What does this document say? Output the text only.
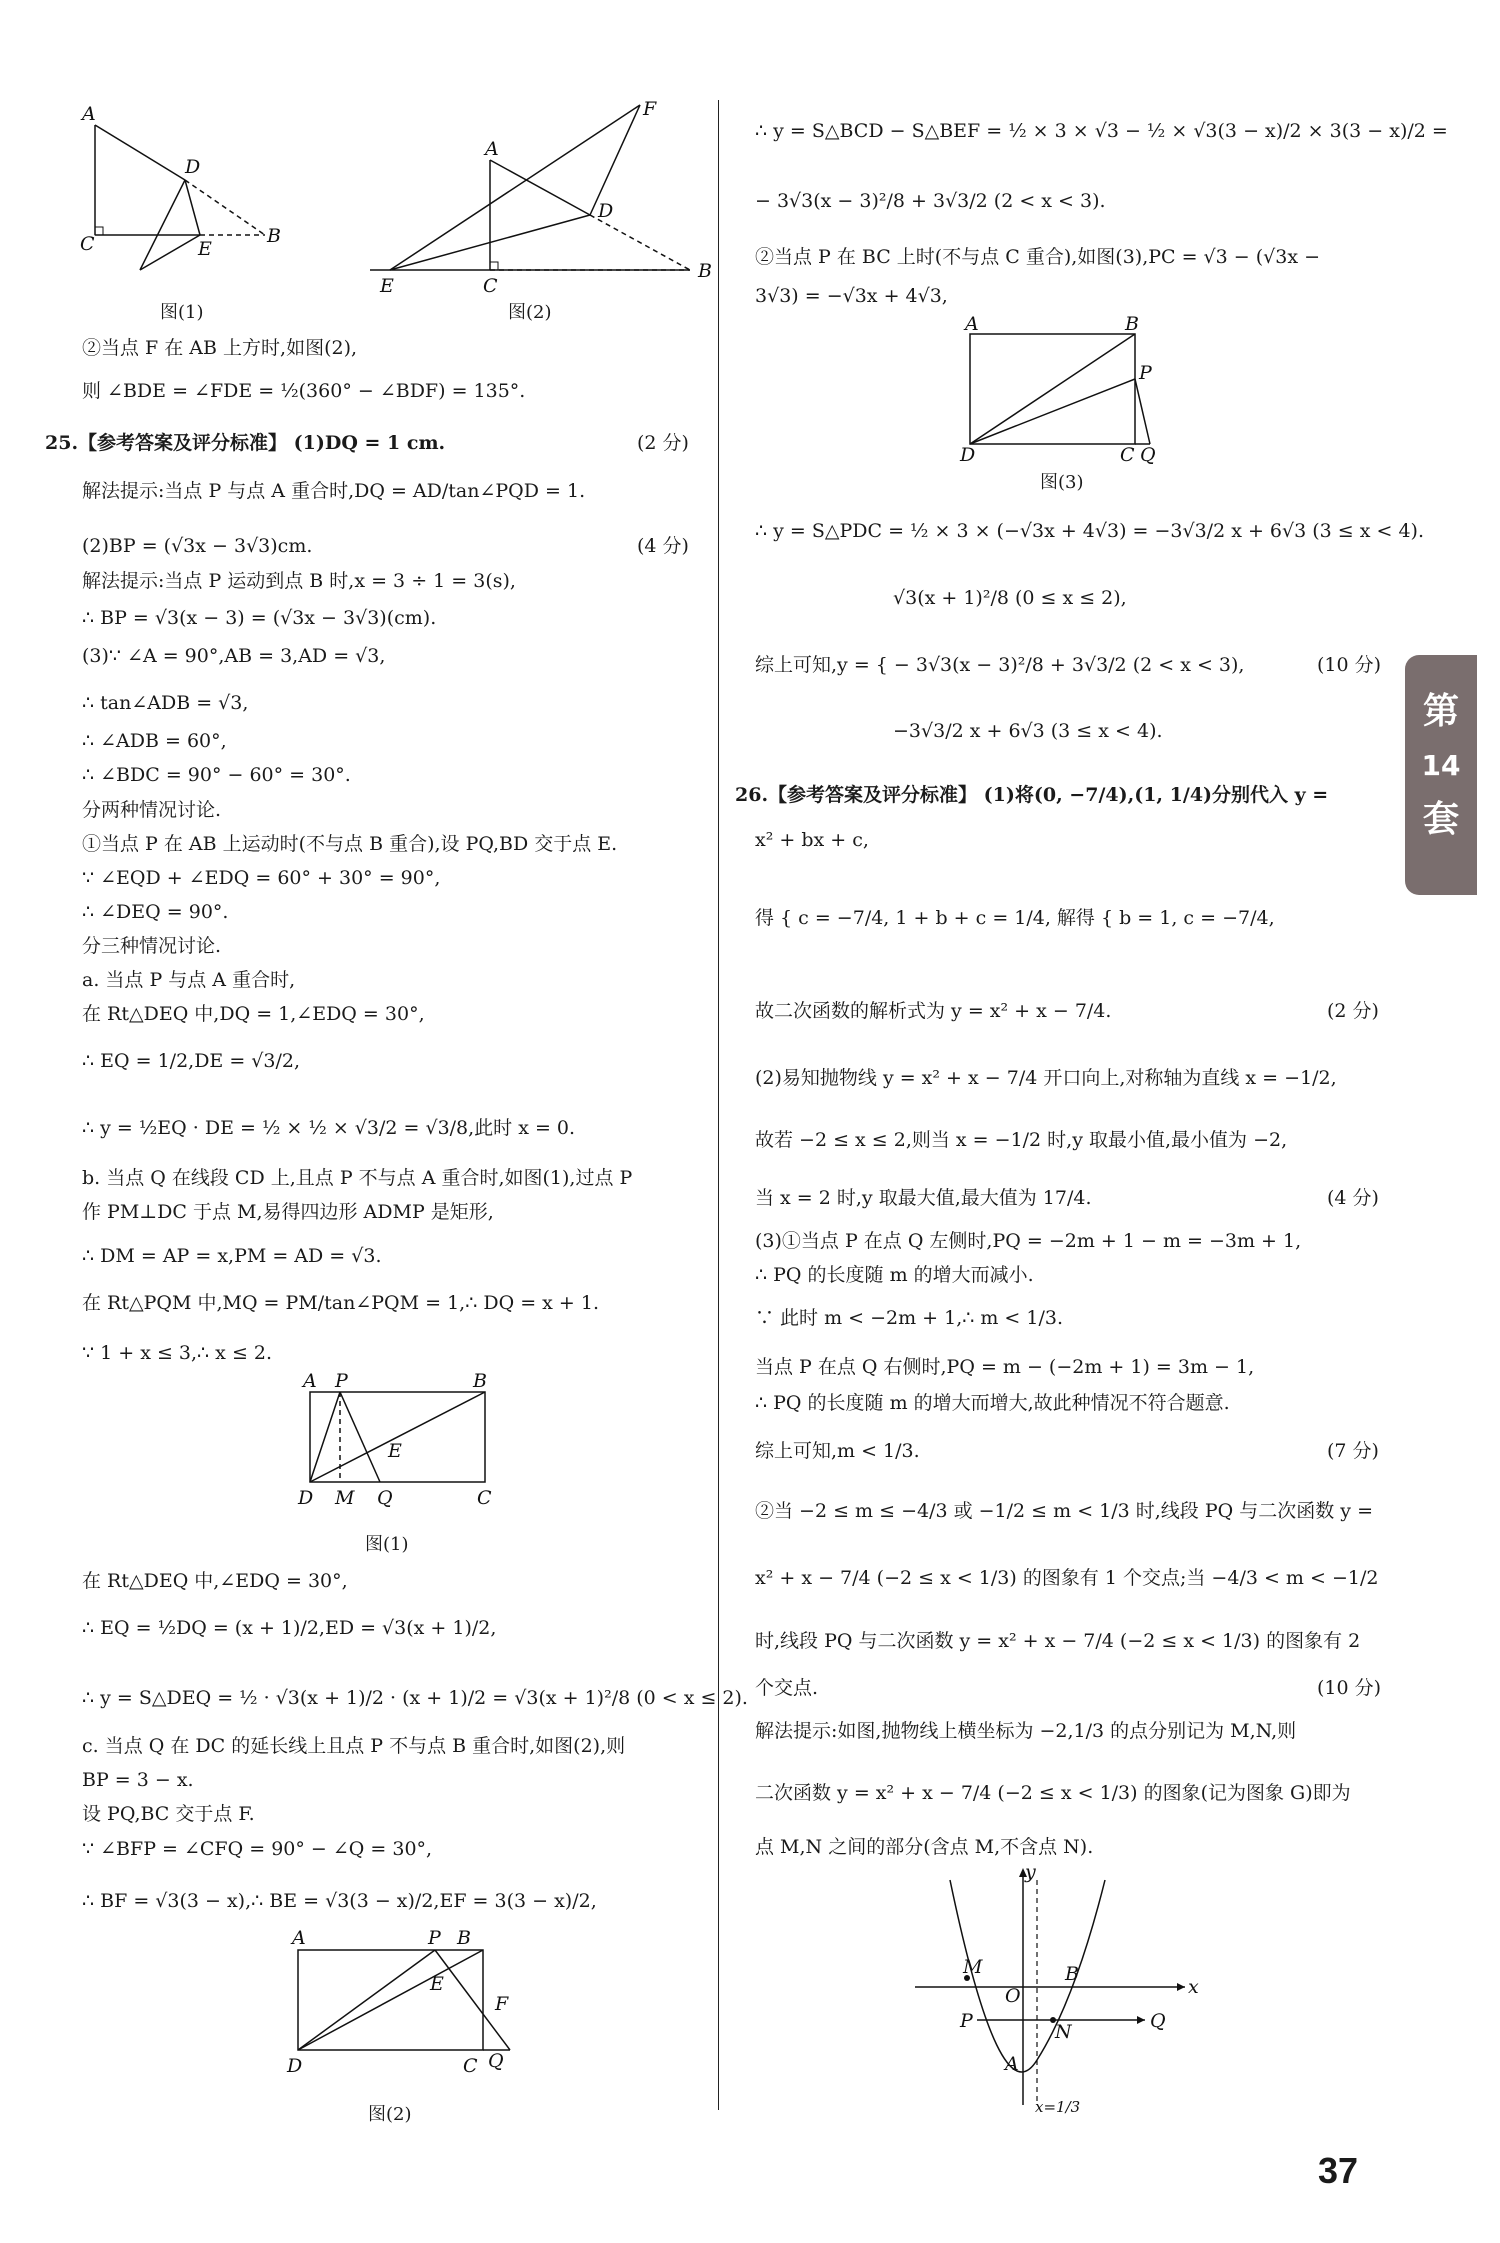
A
D
C	E
B
图(1)
A
F
D
E	C
B
图(2)
②当点 F 在 AB 上方时,如图(2),
则 ∠BDE = ∠FDE = ½(360° − ∠BDF) = 135°.
25.【参考答案及评分标准】 (1)DQ = 1 cm.	(2 分)
解法提示:当点 P 与点 A 重合时,DQ = AD/tan∠PQD = 1.
(2)BP = (√3x − 3√3)cm.	(4 分)
解法提示:当点 P 运动到点 B 时,x = 3 ÷ 1 = 3(s),
∴ BP = √3(x − 3) = (√3x − 3√3)(cm).
(3)∵ ∠A = 90°,AB = 3,AD = √3,
∴ tan∠ADB = √3,
∴ ∠ADB = 60°,
∴ ∠BDC = 90° − 60° = 30°.
分两种情况讨论.
①当点 P 在 AB 上运动时(不与点 B 重合),设 PQ,BD 交于点 E.
∵ ∠EQD + ∠EDQ = 60° + 30° = 90°,
∴ ∠DEQ = 90°.
分三种情况讨论.
a. 当点 P 与点 A 重合时,
在 Rt△DEQ 中,DQ = 1,∠EDQ = 30°,
∴ EQ = 1/2,DE = √3/2,
∴ y = ½EQ · DE = ½ × ½ × √3/2 = √3/8,此时 x = 0.
b. 当点 Q 在线段 CD 上,且点 P 不与点 A 重合时,如图(1),过点 P
作 PM⊥DC 于点 M,易得四边形 ADMP 是矩形,
∴ DM = AP = x,PM = AD = √3.
在 Rt△PQM 中,MQ = PM/tan∠PQM = 1,∴ DQ = x + 1.
∵ 1 + x ≤ 3,∴ x ≤ 2.
A P	B
E
D M Q	C
图(1)
在 Rt△DEQ 中,∠EDQ = 30°,
∴ EQ = ½DQ = (x + 1)/2,ED = √3(x + 1)/2,
∴ y = S△DEQ = ½ · √3(x + 1)/2 · (x + 1)/2 = √3(x + 1)²/8 (0 < x ≤ 2).
c. 当点 Q 在 DC 的延长线上且点 P 不与点 B 重合时,如图(2),则
BP = 3 − x.
设 PQ,BC 交于点 F.
∵ ∠BFP = ∠CFQ = 90° − ∠Q = 30°,
∴ BF = √3(3 − x),∴ BE = √3(3 − x)/2,EF = 3(3 − x)/2,
A	P B
E
F
D	C Q
图(2)
∴ y = S△BCD − S△BEF = ½ × 3 × √3 − ½ × √3(3 − x)/2 × 3(3 − x)/2 =
− 3√3(x − 3)²/8 + 3√3/2 (2 < x < 3).
②当点 P 在 BC 上时(不与点 C 重合),如图(3),PC = √3 − (√3x −
3√3) = −√3x + 4√3,
A	B
P
D	C Q
图(3)
∴ y = S△PDC = ½ × 3 × (−√3x + 4√3) = −3√3/2 x + 6√3 (3 ≤ x < 4).
√3(x + 1)²/8 (0 ≤ x ≤ 2),
综上可知,y = { − 3√3(x − 3)²/8 + 3√3/2 (2 < x < 3),	(10 分)
−3√3/2 x + 6√3 (3 ≤ x < 4).
26.【参考答案及评分标准】 (1)将(0, −7/4),(1, 1/4)分别代入 y =
x² + bx + c,
得 { c = −7/4, 1 + b + c = 1/4, 解得 { b = 1, c = −7/4,
故二次函数的解析式为 y = x² + x − 7/4.	(2 分)
(2)易知抛物线 y = x² + x − 7/4 开口向上,对称轴为直线 x = −1/2,
故若 −2 ≤ x ≤ 2,则当 x = −1/2 时,y 取最小值,最小值为 −2,
当 x = 2 时,y 取最大值,最大值为 17/4.	(4 分)
(3)①当点 P 在点 Q 左侧时,PQ = −2m + 1 − m = −3m + 1,
∴ PQ 的长度随 m 的增大而减小.
∵ 此时 m < −2m + 1,∴ m < 1/3.
当点 P 在点 Q 右侧时,PQ = m − (−2m + 1) = 3m − 1,
∴ PQ 的长度随 m 的增大而增大,故此种情况不符合题意.
综上可知,m < 1/3.	(7 分)
②当 −2 ≤ m ≤ −4/3 或 −1/2 ≤ m < 1/3 时,线段 PQ 与二次函数 y =
x² + x − 7/4 (−2 ≤ x < 1/3) 的图象有 1 个交点;当 −4/3 < m < −1/2
时,线段 PQ 与二次函数 y = x² + x − 7/4 (−2 ≤ x < 1/3) 的图象有 2
个交点.	(10 分)
解法提示:如图,抛物线上横坐标为 −2,1/3 的点分别记为 M,N,则
二次函数 y = x² + x − 7/4 (−2 ≤ x < 1/3) 的图象(记为图象 G)即为
点 M,N 之间的部分(含点 M,不含点 N).
y
x
M	B
O
P	N	Q
A
x=1/3
第
14
套
37
